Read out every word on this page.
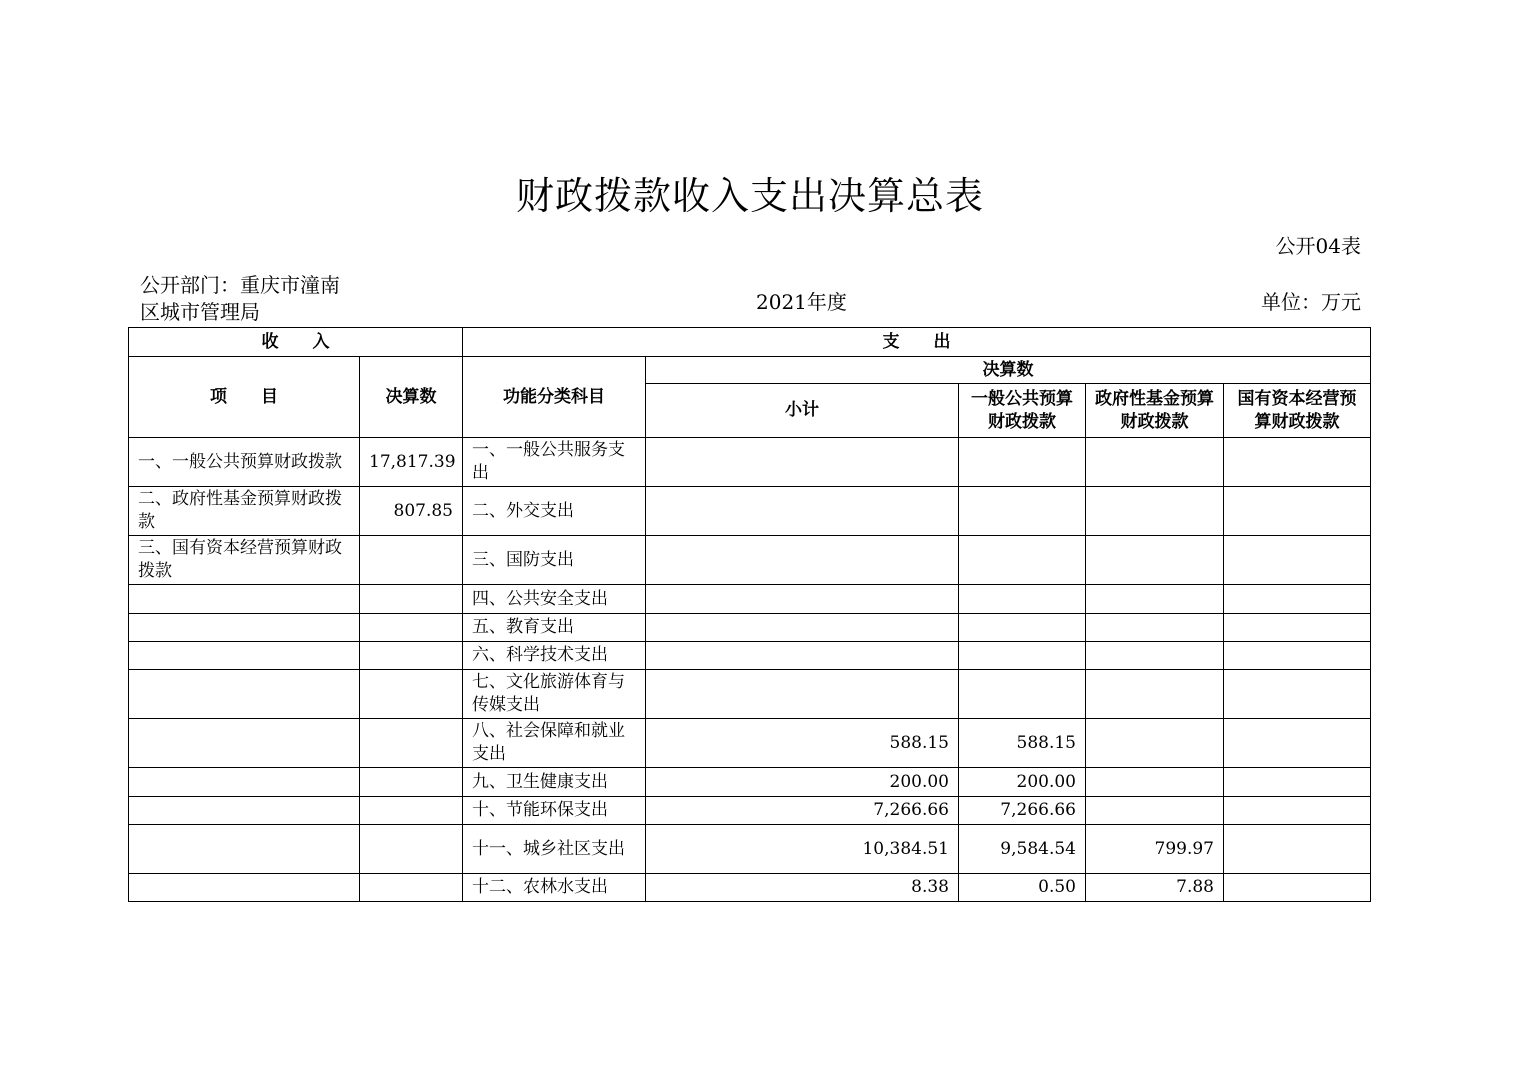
财政拨款收入支出决算总表
公开04表
公开部门：重庆市潼南区城市管理局	2021年度	单位：万元
收　　入		支　　出				
项　　目	决算数	功能分类科目	决算数			
			小计	一般公共预算财政拨款	政府性基金预算财政拨款	国有资本经营预算财政拨款
一、一般公共预算财政拨款	17,817.39	一、一般公共服务支出				
二、政府性基金预算财政拨款	807.85	二、外交支出				
三、国有资本经营预算财政拨款		三、国防支出				
		四、公共安全支出				
		五、教育支出				
		六、科学技术支出				
		七、文化旅游体育与传媒支出				
		八、社会保障和就业支出	588.15	588.15		
		九、卫生健康支出	200.00	200.00		
		十、节能环保支出	7,266.66	7,266.66		
		十一、城乡社区支出	10,384.51	9,584.54	799.97	
		十二、农林水支出	8.38	0.50	7.88	
